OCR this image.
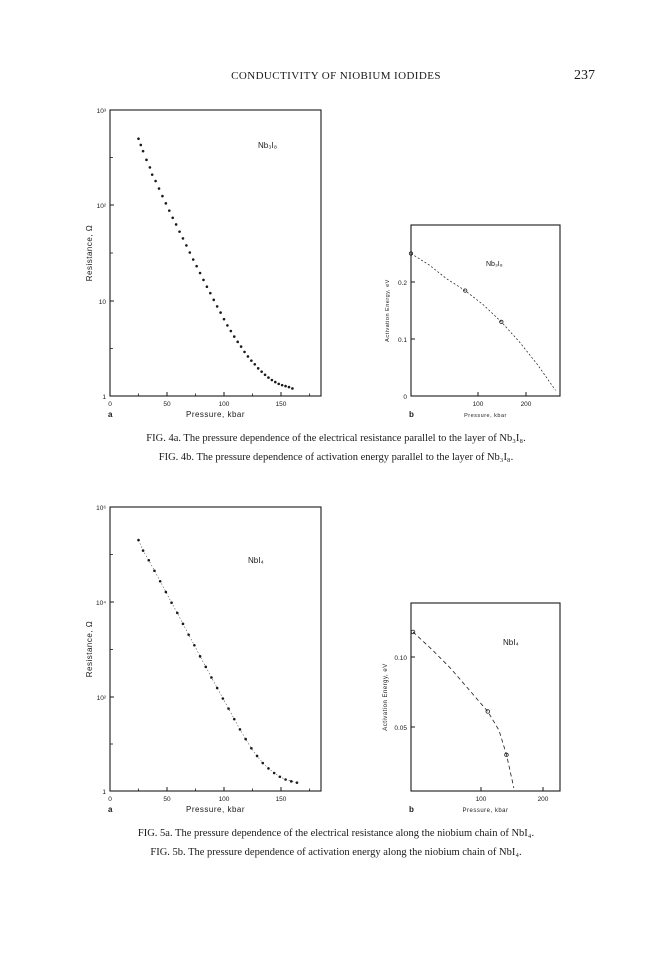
CONDUCTIVITY OF NIOBIUM IODIDES	237
0	50	100	150
1
10
10²
10³
Pressure, kbar
Resistance, Ω
a
Nb₃I₈
100	200
0
0.1
0.2
Pressure, kbar
Activation Energy, eV
b
Nb₃I₈
0	50	100	150
1
10²
10⁴
10⁶
Pressure, kbar
Resistance, Ω
a
NbI₄
100	200
0.05
0.10
Pressure, kbar
Activation Energy, eV
b
NbI₄
FIG. 4a. The pressure dependence of the electrical resistance parallel to the layer of Nb₃I₈.
FIG. 4b. The pressure dependence of activation energy parallel to the layer of Nb₃I₈.
FIG. 5a. The pressure dependence of the electrical resistance along the niobium chain of NbI₄.
FIG. 5b. The pressure dependence of activation energy along the niobium chain of NbI₄.
